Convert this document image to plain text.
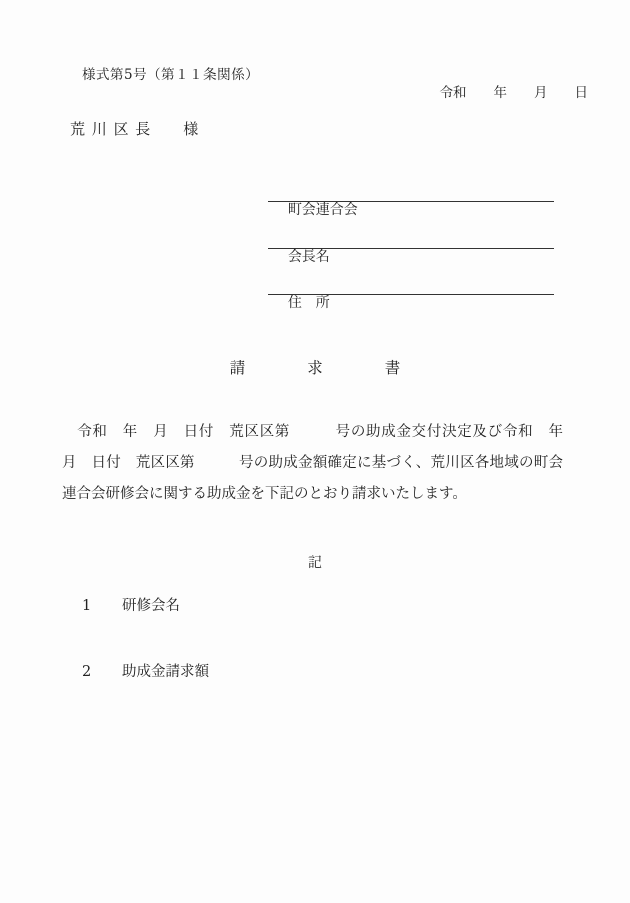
様式第5号（第１１条関係）
令和　　年　　月　　日
荒 川 区 長　　様

町会連合会

会長名

住　所

請　　　　求　　　　書
　令和　年　月　日付　荒区区第　　　号の助成金交付決定及び令和　年
月　日付　荒区区第　　　号の助成金額確定に基づく、荒川区各地域の町会
連合会研修会に関する助成金を下記のとおり請求いたします。
記
1 研修会名
2 助成金請求額
